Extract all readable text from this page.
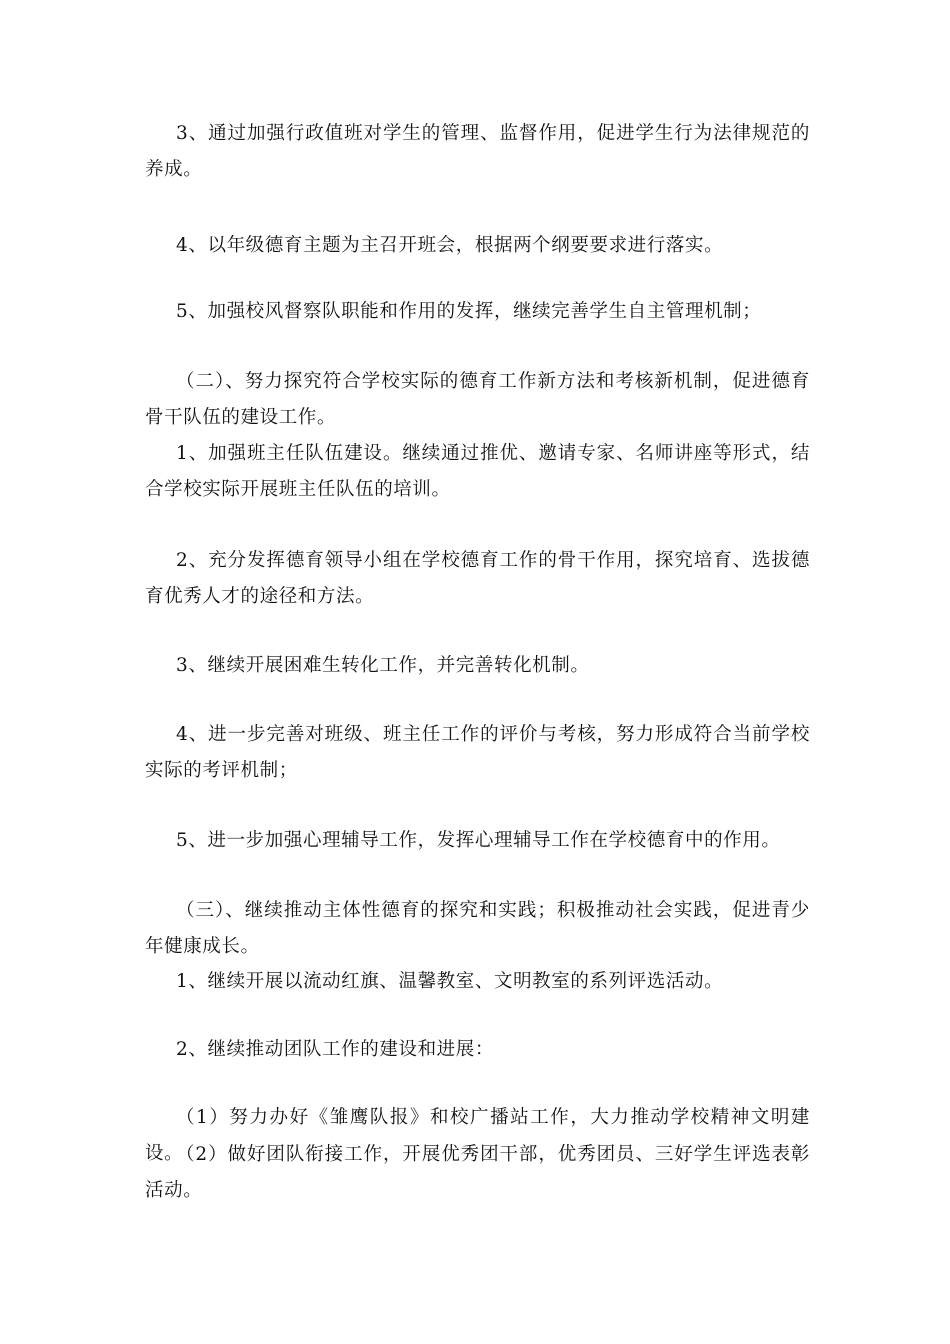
3、通过加强行政值班对学生的管理、监督作用，促进学生行为法律规范的养成。

4、以年级德育主题为主召开班会，根据两个纲要要求进行落实。

5、加强校风督察队职能和作用的发挥，继续完善学生自主管理机制；

（二）、努力探究符合学校实际的德育工作新方法和考核新机制，促进德育骨干队伍的建设工作。

1、加强班主任队伍建设。继续通过推优、邀请专家、名师讲座等形式，结合学校实际开展班主任队伍的培训。

2、充分发挥德育领导小组在学校德育工作的骨干作用，探究培育、选拔德育优秀人才的途径和方法。

3、继续开展困难生转化工作，并完善转化机制。

4、进一步完善对班级、班主任工作的评价与考核，努力形成符合当前学校实际的考评机制；

5、进一步加强心理辅导工作，发挥心理辅导工作在学校德育中的作用。

（三）、继续推动主体性德育的探究和实践；积极推动社会实践，促进青少年健康成长。

1、继续开展以流动红旗、温馨教室、文明教室的系列评选活动。

2、继续推动团队工作的建设和进展：

（1）努力办好《雏鹰队报》和校广播站工作，大力推动学校精神文明建设。

（2）做好团队衔接工作，开展优秀团干部，优秀团员、三好学生评选表彰活动。
